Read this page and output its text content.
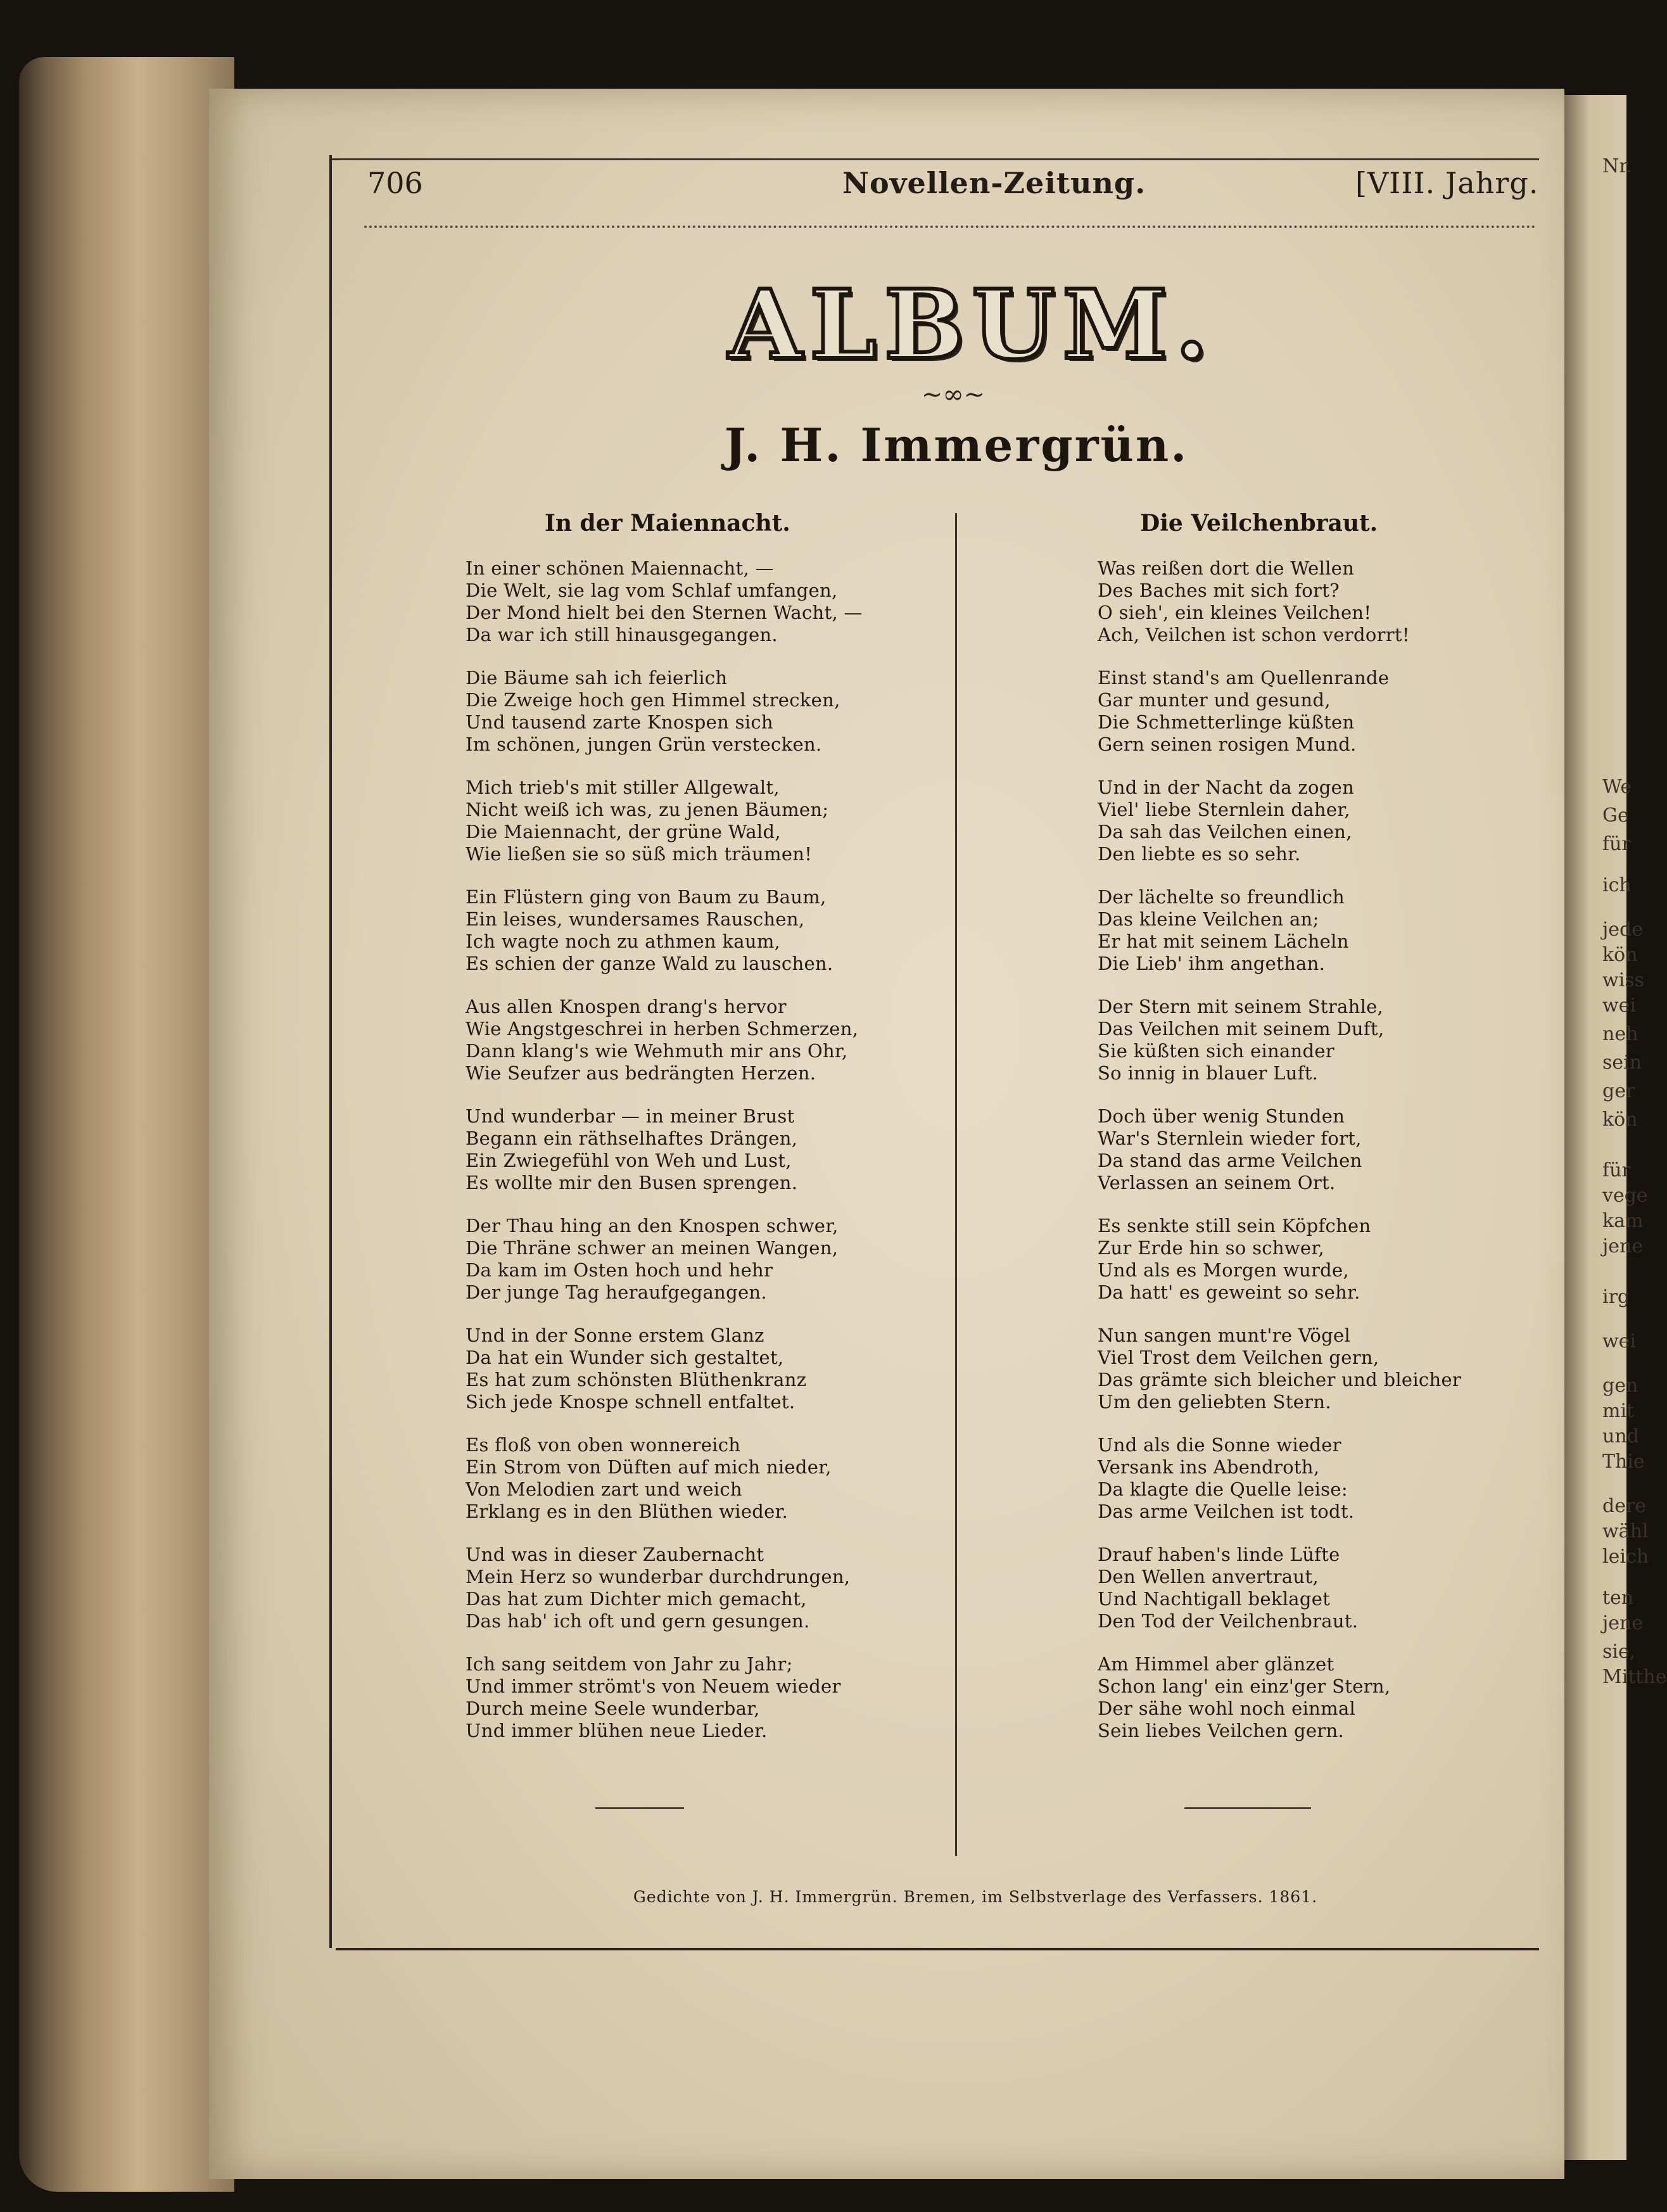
Nr.
We
Ge
für
ich
jede
kön
wiss
wei
neh
sein
ger
kön
für
vege
kam
jene
irg
wei
gen
mit
und
Thie
dere
wähl
leich
ten
jene
sie,
Mitthe
706	Novellen-Zeitung.	[VIII. Jahrg.
ALBUM.
~∞~
J. H. Immergrün.
In der Maiennacht.	Die Veilchenbraut.
In einer schönen Maiennacht, —
Die Welt, sie lag vom Schlaf umfangen,
Der Mond hielt bei den Sternen Wacht, —
Da war ich still hinausgegangen.
Die Bäume sah ich feierlich
Die Zweige hoch gen Himmel strecken,
Und tausend zarte Knospen sich
Im schönen, jungen Grün verstecken.
Mich trieb's mit stiller Allgewalt,
Nicht weiß ich was, zu jenen Bäumen;
Die Maiennacht, der grüne Wald,
Wie ließen sie so süß mich träumen!
Ein Flüstern ging von Baum zu Baum,
Ein leises, wundersames Rauschen,
Ich wagte noch zu athmen kaum,
Es schien der ganze Wald zu lauschen.
Aus allen Knospen drang's hervor
Wie Angstgeschrei in herben Schmerzen,
Dann klang's wie Wehmuth mir ans Ohr,
Wie Seufzer aus bedrängten Herzen.
Und wunderbar — in meiner Brust
Begann ein räthselhaftes Drängen,
Ein Zwiegefühl von Weh und Lust,
Es wollte mir den Busen sprengen.
Der Thau hing an den Knospen schwer,
Die Thräne schwer an meinen Wangen,
Da kam im Osten hoch und hehr
Der junge Tag heraufgegangen.
Und in der Sonne erstem Glanz
Da hat ein Wunder sich gestaltet,
Es hat zum schönsten Blüthenkranz
Sich jede Knospe schnell entfaltet.
Es floß von oben wonnereich
Ein Strom von Düften auf mich nieder,
Von Melodien zart und weich
Erklang es in den Blüthen wieder.
Und was in dieser Zaubernacht
Mein Herz so wunderbar durchdrungen,
Das hat zum Dichter mich gemacht,
Das hab' ich oft und gern gesungen.
Ich sang seitdem von Jahr zu Jahr;
Und immer strömt's von Neuem wieder
Durch meine Seele wunderbar,
Und immer blühen neue Lieder.
Was reißen dort die Wellen
Des Baches mit sich fort?
O sieh', ein kleines Veilchen!
Ach, Veilchen ist schon verdorrt!
Einst stand's am Quellenrande
Gar munter und gesund,
Die Schmetterlinge küßten
Gern seinen rosigen Mund.
Und in der Nacht da zogen
Viel' liebe Sternlein daher,
Da sah das Veilchen einen,
Den liebte es so sehr.
Der lächelte so freundlich
Das kleine Veilchen an;
Er hat mit seinem Lächeln
Die Lieb' ihm angethan.
Der Stern mit seinem Strahle,
Das Veilchen mit seinem Duft,
Sie küßten sich einander
So innig in blauer Luft.
Doch über wenig Stunden
War's Sternlein wieder fort,
Da stand das arme Veilchen
Verlassen an seinem Ort.
Es senkte still sein Köpfchen
Zur Erde hin so schwer,
Und als es Morgen wurde,
Da hatt' es geweint so sehr.
Nun sangen munt're Vögel
Viel Trost dem Veilchen gern,
Das grämte sich bleicher und bleicher
Um den geliebten Stern.
Und als die Sonne wieder
Versank ins Abendroth,
Da klagte die Quelle leise:
Das arme Veilchen ist todt.
Drauf haben's linde Lüfte
Den Wellen anvertraut,
Und Nachtigall beklaget
Den Tod der Veilchenbraut.
Am Himmel aber glänzet
Schon lang' ein einz'ger Stern,
Der sähe wohl noch einmal
Sein liebes Veilchen gern.
Gedichte von J. H. Immergrün. Bremen, im Selbstverlage des Verfassers. 1861.
